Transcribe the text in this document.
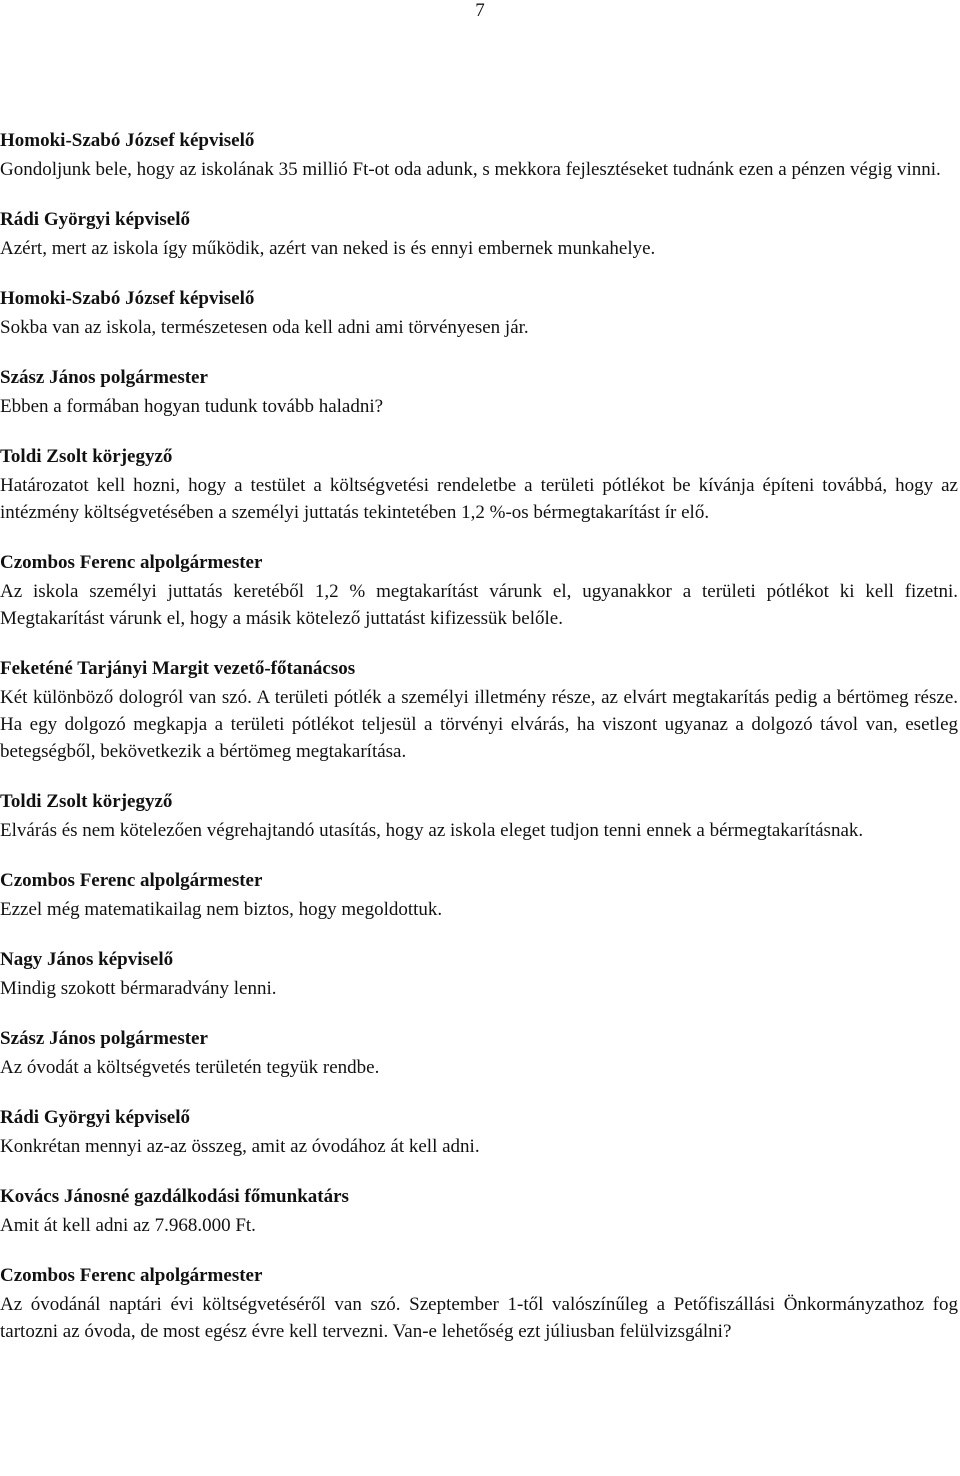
7
Homoki-Szabó József képviselő

Gondoljunk bele, hogy az iskolának 35 millió Ft-ot oda adunk, s mekkora fejlesztéseket tudnánk ezen a pénzen végig vinni.

Rádi Györgyi képviselő

Azért, mert az iskola így működik, azért van neked is és ennyi embernek munkahelye.

Homoki-Szabó József képviselő

Sokba van az iskola, természetesen oda kell adni ami törvényesen jár.

Szász János polgármester

Ebben a formában hogyan tudunk tovább haladni?

Toldi Zsolt körjegyző

Határozatot kell hozni, hogy a testület a költségvetési rendeletbe a területi pótlékot be kívánja építeni továbbá, hogy az intézmény költségvetésében a személyi juttatás tekintetében 1,2 %-os bérmegtakarítást ír elő.

Czombos Ferenc alpolgármester

Az iskola személyi juttatás keretéből 1,2 % megtakarítást várunk el, ugyanakkor a területi pótlékot ki kell fizetni. Megtakarítást várunk el, hogy a másik kötelező juttatást kifizessük belőle.

Feketéné Tarjányi Margit vezető-főtanácsos

Két különböző dologról van szó. A területi pótlék a személyi illetmény része, az elvárt megtakarítás pedig a bértömeg része. Ha egy dolgozó megkapja a területi pótlékot teljesül a törvényi elvárás, ha viszont ugyanaz a dolgozó távol van, esetleg betegségből, bekövetkezik a bértömeg megtakarítása.

Toldi Zsolt körjegyző

Elvárás és nem kötelezően végrehajtandó utasítás, hogy az iskola eleget tudjon tenni ennek a bérmegtakarításnak.

Czombos Ferenc alpolgármester

Ezzel még matematikailag nem biztos, hogy megoldottuk.

Nagy János képviselő

Mindig szokott bérmaradvány lenni.

Szász János polgármester

Az óvodát a költségvetés területén tegyük rendbe.

Rádi Györgyi képviselő

Konkrétan mennyi az-az összeg, amit az óvodához át kell adni.

Kovács Jánosné gazdálkodási főmunkatárs

Amit át kell adni az 7.968.000 Ft.

Czombos Ferenc alpolgármester

Az óvodánál naptári évi költségvetéséről van szó. Szeptember 1-től valószínűleg a Petőfiszállási Önkormányzathoz fog tartozni az óvoda, de most egész évre kell tervezni. Van-e lehetőség ezt júliusban felülvizsgálni?
